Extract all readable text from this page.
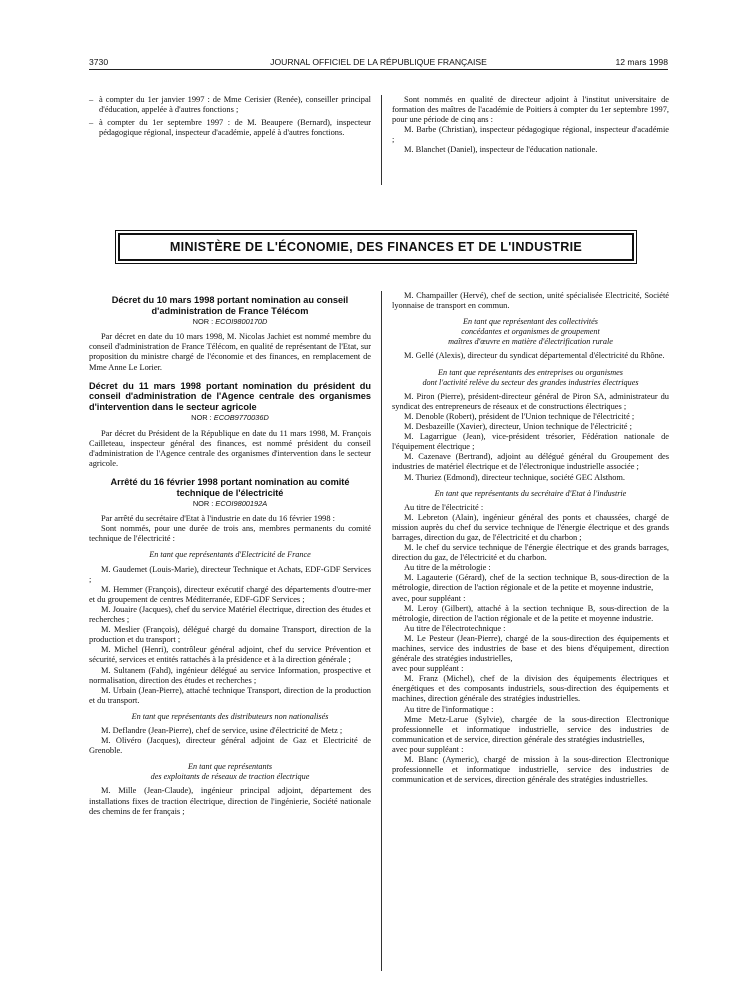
3730	JOURNAL OFFICIEL DE LA RÉPUBLIQUE FRANÇAISE	12 mars 1998

– à compter du 1er janvier 1997 : de Mme Cerisier (Renée), conseiller principal d'éducation, appelée à d'autres fonctions ;

– à compter du 1er septembre 1997 : de M. Beaupere (Bernard), inspecteur pédagogique régional, inspecteur d'académie, appelé à d'autres fonctions.

Sont nommés en qualité de directeur adjoint à l'institut universitaire de formation des maîtres de l'académie de Poitiers à compter du 1er septembre 1997, pour une période de cinq ans :

M. Barbe (Christian), inspecteur pédagogique régional, inspecteur d'académie ;

M. Blanchet (Daniel), inspecteur de l'éducation nationale.

MINISTÈRE DE L'ÉCONOMIE, DES FINANCES ET DE L'INDUSTRIE
Décret du 10 mars 1998 portant nomination au conseil d'administration de France Télécom
NOR : ECOI9800170D

Par décret en date du 10 mars 1998, M. Nicolas Jachiet est nommé membre du conseil d'administration de France Télécom, en qualité de représentant de l'Etat, sur proposition du ministre chargé de l'économie et des finances, en remplacement de Mme Anne Le Lorier.

Décret du 11 mars 1998 portant nomination du président du conseil d'administration de l'Agence centrale des organismes d'intervention dans le secteur agricole
NOR : ECOB9770036D

Par décret du Président de la République en date du 11 mars 1998, M. François Cailleteau, inspecteur général des finances, est nommé président du conseil d'administration de l'Agence centrale des organismes d'intervention dans le secteur agricole.

Arrêté du 16 février 1998 portant nomination au comité technique de l'électricité
NOR : ECOI9800192A

Par arrêté du secrétaire d'Etat à l'industrie en date du 16 février 1998 :

Sont nommés, pour une durée de trois ans, membres permanents du comité technique de l'électricité :

En tant que représentants d'Electricité de France

M. Gaudemet (Louis-Marie), directeur Technique et Achats, EDF-GDF Services ;

M. Hemmer (François), directeur exécutif chargé des départements d'outre-mer et du groupement de centres Méditerranée, EDF-GDF Services ;

M. Jouaire (Jacques), chef du service Matériel électrique, direction des études et recherches ;

M. Meslier (François), délégué chargé du domaine Transport, direction de la production et du transport ;

M. Michel (Henri), contrôleur général adjoint, chef du service Prévention et sécurité, services et entités rattachés à la présidence et à la direction générale ;

M. Sultanem (Fahd), ingénieur délégué au service Information, prospective et normalisation, direction des études et recherches ;

M. Urbain (Jean-Pierre), attaché technique Transport, direction de la production et du transport.

En tant que représentants des distributeurs non nationalisés

M. Deflandre (Jean-Pierre), chef de service, usine d'électricité de Metz ;

M. Olivéro (Jacques), directeur général adjoint de Gaz et Electricité de Grenoble.

En tant que représentants
des exploitants de réseaux de traction électrique

M. Mille (Jean-Claude), ingénieur principal adjoint, département des installations fixes de traction électrique, direction de l'ingénierie, Société nationale des chemins de fer français ;

M. Champailler (Hervé), chef de section, unité spécialisée Electricité, Société lyonnaise de transport en commun.

En tant que représentant des collectivités
concédantes et organismes de groupement
maîtres d'œuvre en matière d'électrification rurale

M. Gellé (Alexis), directeur du syndicat départemental d'électricité du Rhône.

En tant que représentants des entreprises ou organismes
dont l'activité relève du secteur des grandes industries électriques

M. Piron (Pierre), président-directeur général de Piron SA, administrateur du syndicat des entrepreneurs de réseaux et de constructions électriques ;

M. Denoble (Robert), président de l'Union technique de l'électricité ;

M. Desbazeille (Xavier), directeur, Union technique de l'électricité ;

M. Lagarrigue (Jean), vice-président trésorier, Fédération nationale de l'équipement électrique ;

M. Cazenave (Bertrand), adjoint au délégué général du Groupement des industries de matériel électrique et de l'électronique industrielle associée ;

M. Thuriez (Edmond), directeur technique, société GEC Alsthom.

En tant que représentants du secrétaire d'Etat à l'industrie

Au titre de l'électricité :

M. Lebreton (Alain), ingénieur général des ponts et chaussées, chargé de mission auprès du chef du service technique de l'énergie électrique et des grands barrages, direction du gaz, de l'électricité et du charbon ;

M. le chef du service technique de l'énergie électrique et des grands barrages, direction du gaz, de l'électricité et du charbon.

Au titre de la métrologie :

M. Lagauterie (Gérard), chef de la section technique B, sous-direction de la métrologie, direction de l'action régionale et de la petite et moyenne industrie,

avec, pour suppléant :

M. Leroy (Gilbert), attaché à la section technique B, sous-direction de la métrologie, direction de l'action régionale et de la petite et moyenne industrie.

Au titre de l'électrotechnique :

M. Le Pesteur (Jean-Pierre), chargé de la sous-direction des équipements et machines, service des industries de base et des biens d'équipement, direction générale des stratégies industrielles,

avec pour suppléant :

M. Franz (Michel), chef de la division des équipements électriques et énergétiques et des composants industriels, sous-direction des équipements et machines, direction générale des stratégies industrielles.

Au titre de l'informatique :

Mme Metz-Larue (Sylvie), chargée de la sous-direction Electronique professionnelle et informatique industrielle, service des industries de communication et de service, direction générale des stratégies industrielles,

avec pour suppléant :

M. Blanc (Aymeric), chargé de mission à la sous-direction Electronique professionnelle et informatique industrielle, service des industries de communication et de services, direction générale des stratégies industrielles.
